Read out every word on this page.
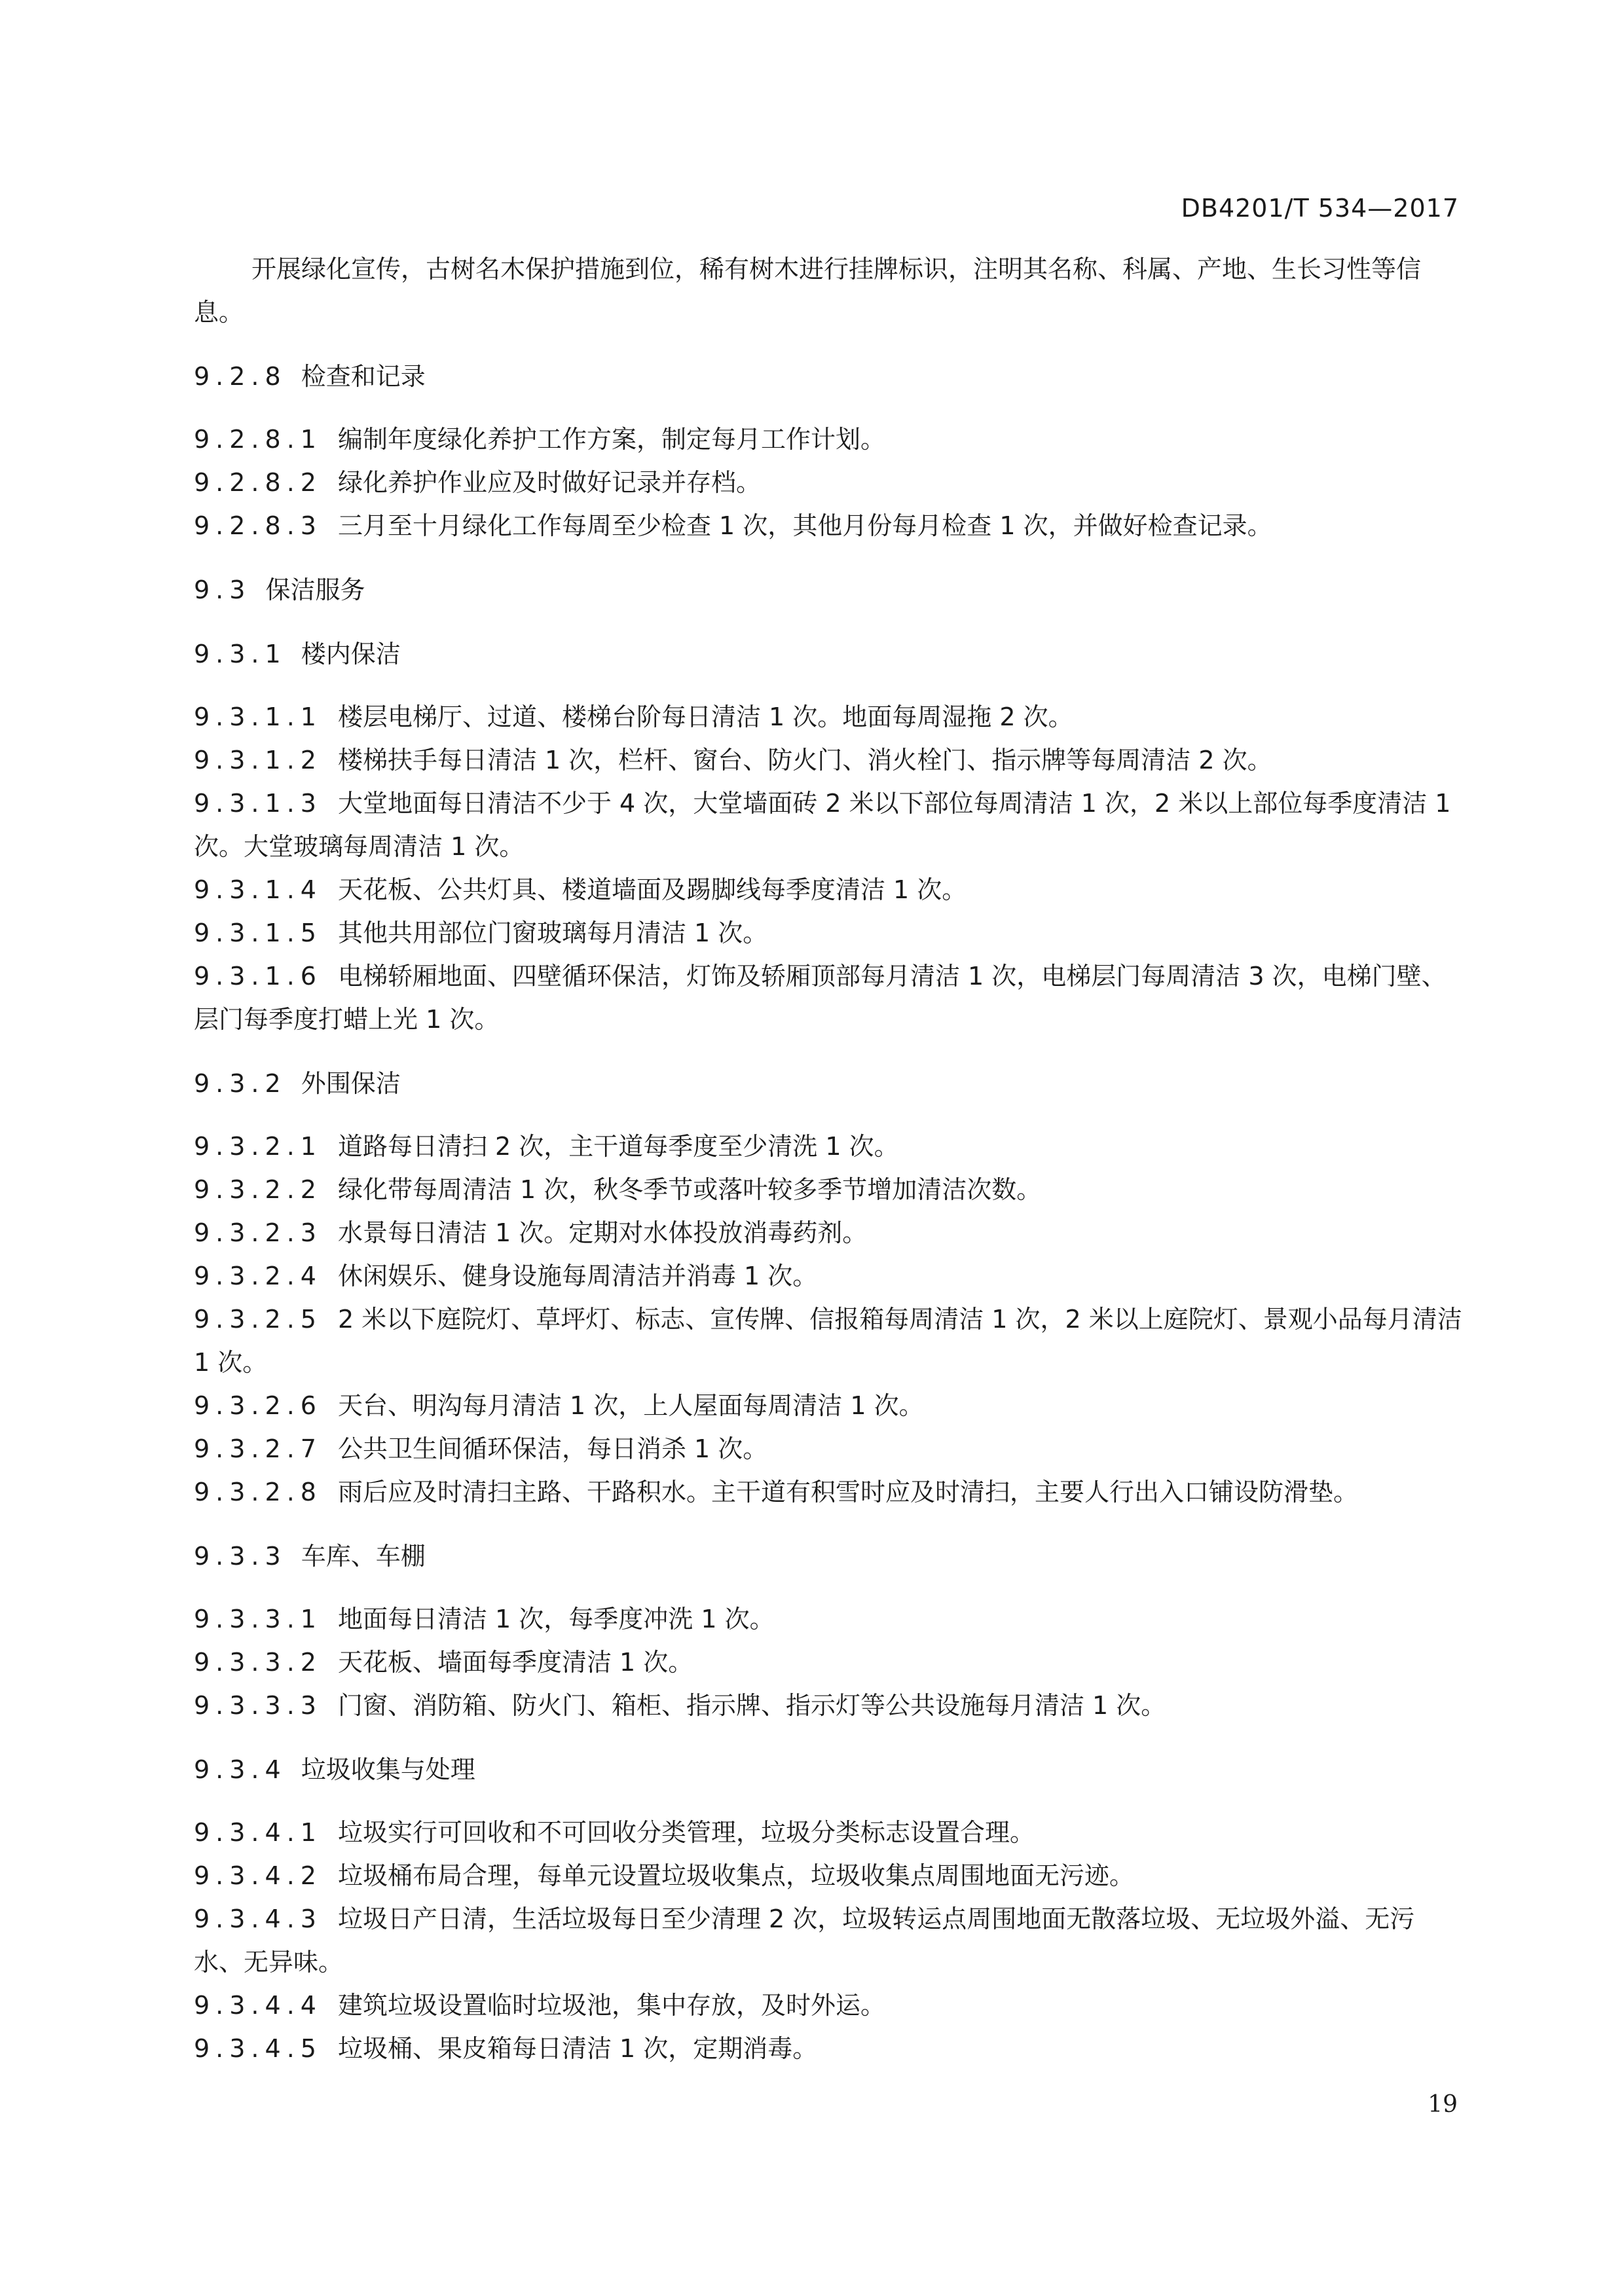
DB4201/T 534—2017

开展绿化宣传，古树名木保护措施到位，稀有树木进行挂牌标识，注明其名称、科属、产地、生长习性等信息。

9.2.8 检查和记录

9.2.8.1 编制年度绿化养护工作方案，制定每月工作计划。

9.2.8.2 绿化养护作业应及时做好记录并存档。

9.2.8.3 三月至十月绿化工作每周至少检查 1 次，其他月份每月检查 1 次，并做好检查记录。

9.3 保洁服务
9.3.1 楼内保洁

9.3.1.1 楼层电梯厅、过道、楼梯台阶每日清洁 1 次。地面每周湿拖 2 次。

9.3.1.2 楼梯扶手每日清洁 1 次，栏杆、窗台、防火门、消火栓门、指示牌等每周清洁 2 次。

9.3.1.3 大堂地面每日清洁不少于 4 次，大堂墙面砖 2 米以下部位每周清洁 1 次，2 米以上部位每季度清洁 1 次。大堂玻璃每周清洁 1 次。

9.3.1.4 天花板、公共灯具、楼道墙面及踢脚线每季度清洁 1 次。

9.3.1.5 其他共用部位门窗玻璃每月清洁 1 次。

9.3.1.6 电梯轿厢地面、四壁循环保洁，灯饰及轿厢顶部每月清洁 1 次，电梯层门每周清洁 3 次，电梯门壁、层门每季度打蜡上光 1 次。

9.3.2 外围保洁

9.3.2.1 道路每日清扫 2 次，主干道每季度至少清洗 1 次。

9.3.2.2 绿化带每周清洁 1 次，秋冬季节或落叶较多季节增加清洁次数。

9.3.2.3 水景每日清洁 1 次。定期对水体投放消毒药剂。

9.3.2.4 休闲娱乐、健身设施每周清洁并消毒 1 次。

9.3.2.5 2 米以下庭院灯、草坪灯、标志、宣传牌、信报箱每周清洁 1 次，2 米以上庭院灯、景观小品每月清洁 1 次。

9.3.2.6 天台、明沟每月清洁 1 次，上人屋面每周清洁 1 次。

9.3.2.7 公共卫生间循环保洁，每日消杀 1 次。

9.3.2.8 雨后应及时清扫主路、干路积水。主干道有积雪时应及时清扫，主要人行出入口铺设防滑垫。

9.3.3 车库、车棚

9.3.3.1 地面每日清洁 1 次，每季度冲洗 1 次。

9.3.3.2 天花板、墙面每季度清洁 1 次。

9.3.3.3 门窗、消防箱、防火门、箱柜、指示牌、指示灯等公共设施每月清洁 1 次。

9.3.4 垃圾收集与处理

9.3.4.1 垃圾实行可回收和不可回收分类管理，垃圾分类标志设置合理。

9.3.4.2 垃圾桶布局合理，每单元设置垃圾收集点，垃圾收集点周围地面无污迹。

9.3.4.3 垃圾日产日清，生活垃圾每日至少清理 2 次，垃圾转运点周围地面无散落垃圾、无垃圾外溢、无污水、无异味。

9.3.4.4 建筑垃圾设置临时垃圾池，集中存放，及时外运。

9.3.4.5 垃圾桶、果皮箱每日清洁 1 次，定期消毒。

19
